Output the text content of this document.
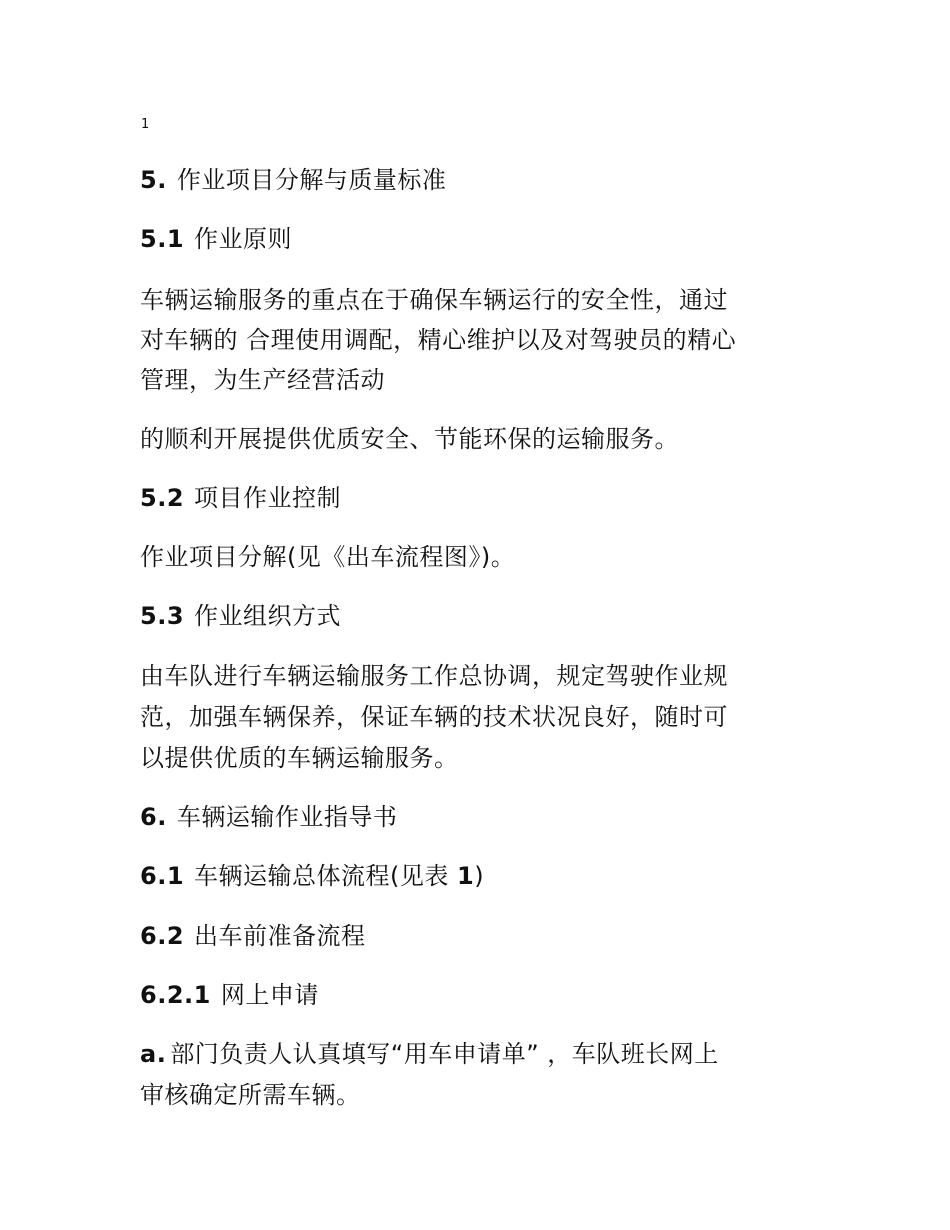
1
5. 作业项目分解与质量标准
5.1 作业原则
车辆运输服务的重点在于确保车辆运行的安全性，通过
对车辆的 合理使用调配，精心维护以及对驾驶员的精心
管理，为生产经营活动
的顺利开展提供优质安全、节能环保的运输服务。
5.2 项目作业控制
作业项目分解(见《出车流程图》)。
5.3 作业组织方式
由车队进行车辆运输服务工作总协调，规定驾驶作业规
范，加强车辆保养，保证车辆的技术状况良好，随时可
以提供优质的车辆运输服务。
6. 车辆运输作业指导书
6.1 车辆运输总体流程(见表 1)
6.2 出车前准备流程
6.2.1 网上申请
a. 部门负责人认真填写“用车申请单” ，车队班长网上
审核确定所需车辆。
